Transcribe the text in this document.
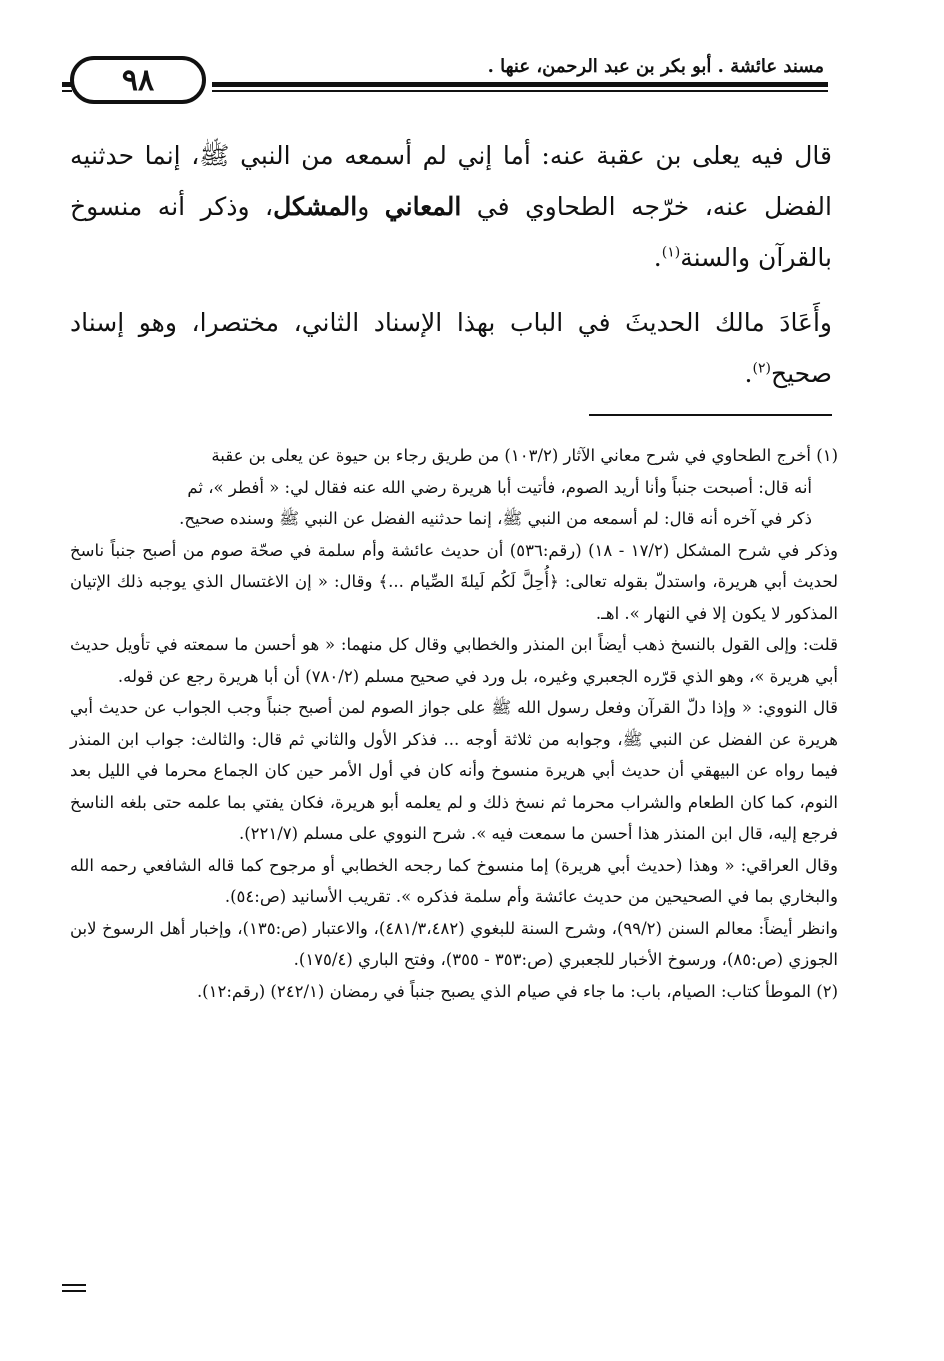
مسند عائشة . أبو بكر بن عبد الرحمن، عنها .
٩٨

قال فيه يعلى بن عقبة عنه: أما إني لم أسمعه من النبي ﷺ، إنما حدثنيه الفضل عنه، خرّجه الطحاوي في المعاني والمشكل، وذكر أنه منسوخ بالقرآن والسنة$^{(١)}$.

وأَعَادَ مالك الحديثَ في الباب بهذا الإسناد الثاني، مختصرا، وهو إسناد صحيح$^{(٢)}$.

(١) أخرج الطحاوي في شرح معاني الآثار (١٠٣/٢) من طريق رجاء بن حيوة عن يعلى بن عقبة
أنه قال: أصبحت جنباً وأنا أريد الصوم، فأتيت أبا هريرة رضي الله عنه فقال لي: « أفطر »، ثم
ذكر في آخره أنه قال: لم أسمعه من النبي ﷺ، إنما حدثنيه الفضل عن النبي ﷺ وسنده صحيح.
وذكر في شرح المشكل (١٧/٢ - ١٨) (رقم:٥٣٦) أن حديث عائشة وأم سلمة في صحّة صوم من أصبح جنباً ناسخ لحديث أبي هريرة، واستدلّ بقوله تعالى: ﴿أُحِلَّ لَكُم لَيلةَ الصِّيام ...﴾ وقال: « إن الاغتسال الذي يوجبه ذلك الإتيان المذكور لا يكون إلا في النهار ». اهـ.
قلت: وإلى القول بالنسخ ذهب أيضاً ابن المنذر والخطابي وقال كل منهما: « هو أحسن ما سمعته في تأويل حديث أبي هريرة »، وهو الذي قرّره الجعبري وغيره، بل ورد في صحيح مسلم (٧٨٠/٢) أن أبا هريرة رجع عن قوله.
قال النووي: « وإذا دلّ القرآن وفعل رسول الله ﷺ على جواز الصوم لمن أصبح جنباً وجب الجواب عن حديث أبي هريرة عن الفضل عن النبي ﷺ، وجوابه من ثلاثة أوجه ... فذكر الأول والثاني ثم قال: والثالث: جواب ابن المنذر فيما رواه عن البيهقي أن حديث أبي هريرة منسوخ وأنه كان في أول الأمر حين كان الجماع محرما في الليل بعد النوم، كما كان الطعام والشراب محرما ثم نسخ ذلك و لم يعلمه أبو هريرة، فكان يفتي بما علمه حتى بلغه الناسخ فرجع إليه، قال ابن المنذر هذا أحسن ما سمعت فيه ». شرح النووي على مسلم (٢٢١/٧).
وقال العراقي: « وهذا (حديث أبي هريرة) إما منسوخ كما رجحه الخطابي أو مرجوح كما قاله الشافعي رحمه الله والبخاري بما في الصحيحين من حديث عائشة وأم سلمة فذكره ». تقريب الأسانيد (ص:٥٤).
وانظر أيضاً: معالم السنن (٩٩/٢)، وشرح السنة للبغوي (٤٨١/٣،٤٨٢)، والاعتبار (ص:١٣٥)، وإخبار أهل الرسوخ لابن الجوزي (ص:٨٥)، ورسوخ الأخبار للجعبري (ص:٣٥٣ - ٣٥٥)، وفتح الباري (١٧٥/٤).
(٢) الموطأ كتاب: الصيام، باب: ما جاء في صيام الذي يصبح جنباً في رمضان (٢٤٢/١) (رقم:١٢).
